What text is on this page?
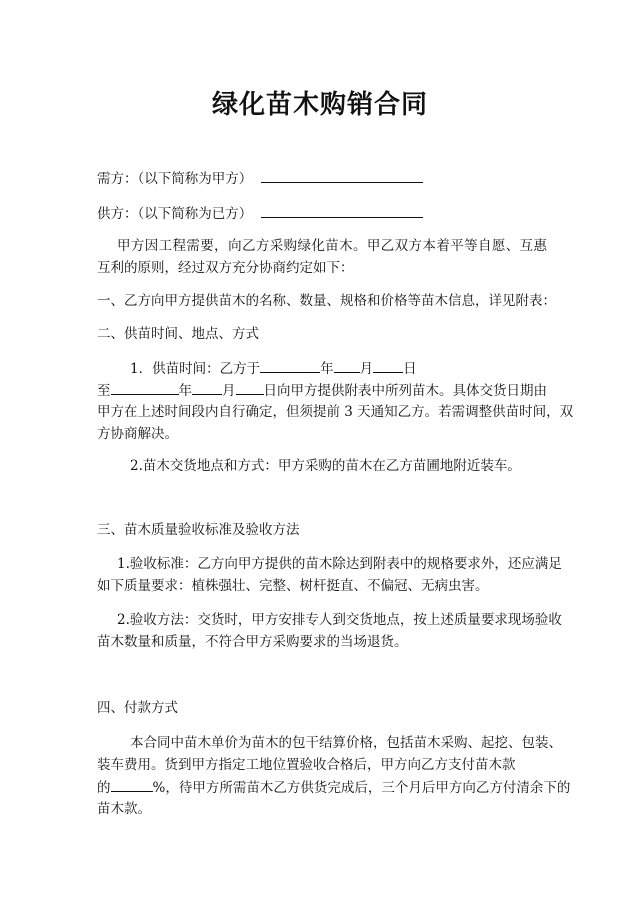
绿化苗木购销合同
需方：（以下简称为甲方）
供方：（以下简称为已方）
甲方因工程需要，向乙方采购绿化苗木。甲乙双方本着平等自愿、互惠互利的原则，经过双方充分协商约定如下：
一、乙方向甲方提供苗木的名称、数量、规格和价格等苗木信息，详见附表：
二、供苗时间、地点、方式
1．供苗时间：乙方于	年 月 日
至	年 月 日向甲方提供附表中所列苗木。具体交货日期由
甲方在上述时间段内自行确定，但须提前 3 天通知乙方。若需调整供苗时间，双
方协商解决。
2.苗木交货地点和方式：甲方采购的苗木在乙方苗圃地附近装车。
三、苗木质量验收标准及验收方法
1.验收标准：乙方向甲方提供的苗木除达到附表中的规格要求外，还应满足
如下质量要求：植株强壮、完整、树杆挺直、不偏冠、无病虫害。
2.验收方法：交货时，甲方安排专人到交货地点，按上述质量要求现场验收
苗木数量和质量，不符合甲方采购要求的当场退货。
四、付款方式
本合同中苗木单价为苗木的包干结算价格，包括苗木采购、起挖、包装、
装车费用。货到甲方指定工地位置验收合格后，甲方向乙方支付苗木款
的	%，待甲方所需苗木乙方供货完成后，三个月后甲方向乙方付清余下的
苗木款。
